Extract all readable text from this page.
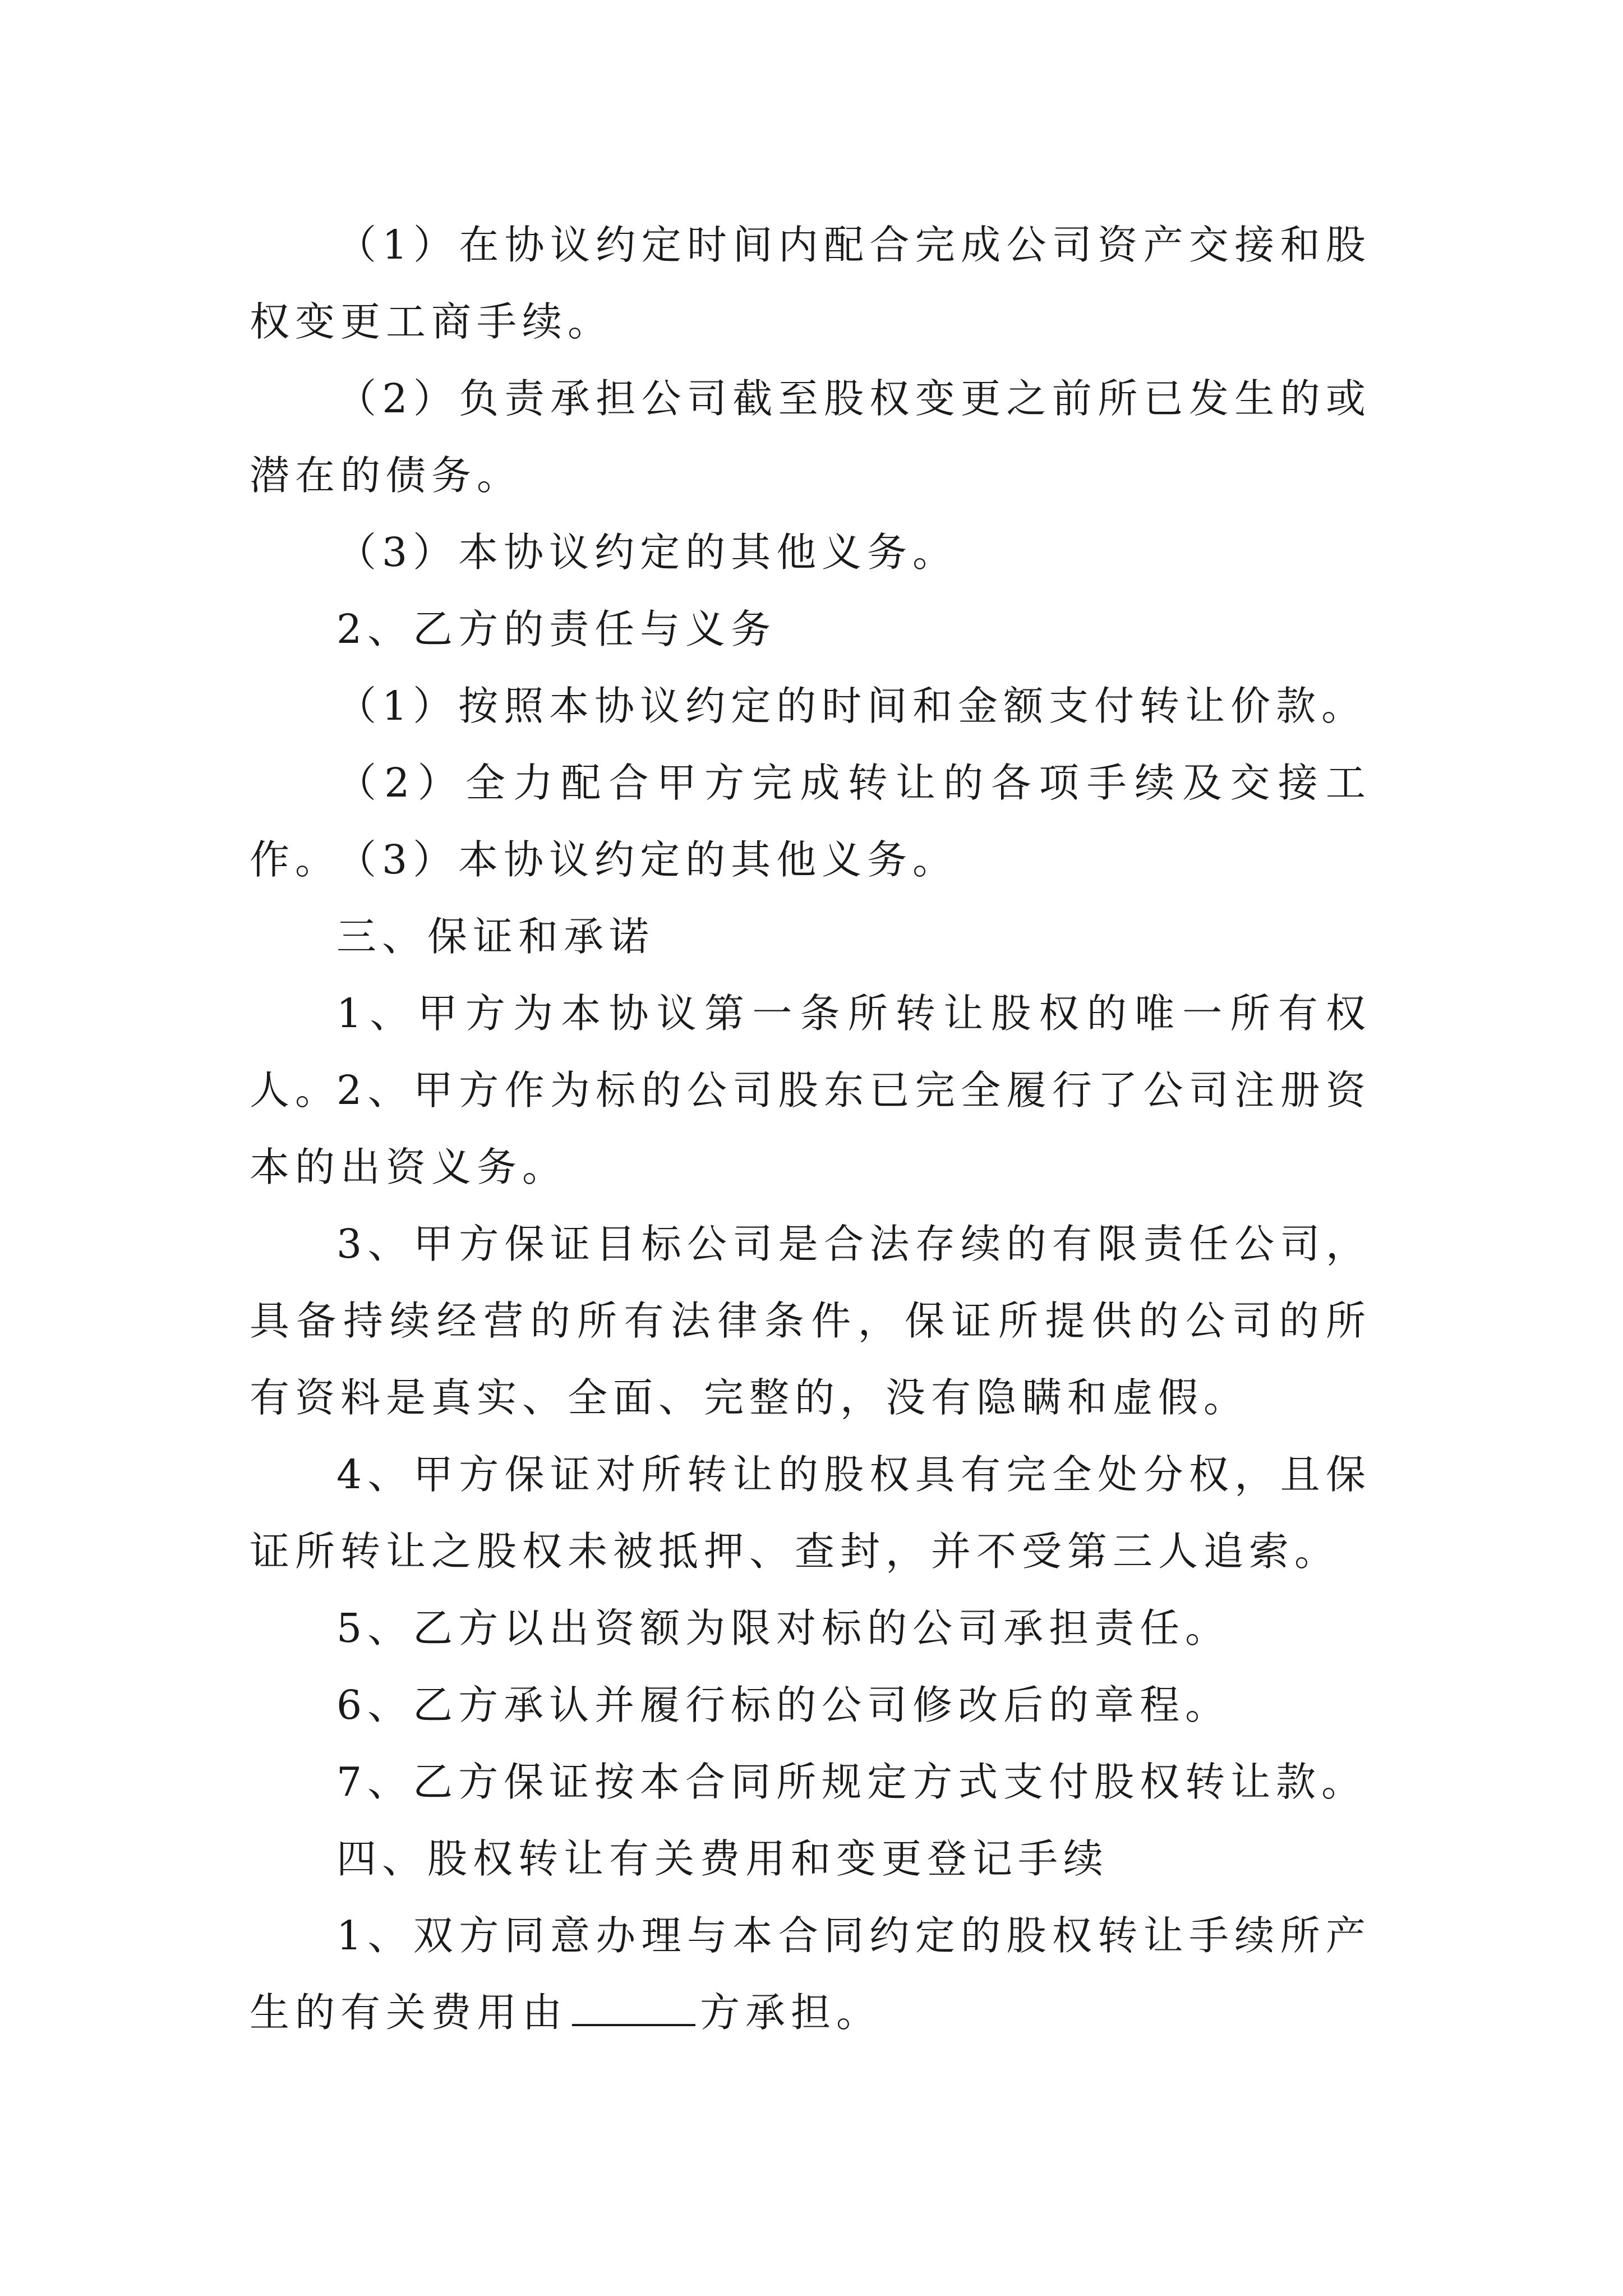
（1）在协议约定时间内配合完成公司资产交接和股权变更工商手续。
（2）负责承担公司截至股权变更之前所已发生的或潜在的债务。
（3）本协议约定的其他义务。
2、乙方的责任与义务
（1）按照本协议约定的时间和金额支付转让价款。
（2）全力配合甲方完成转让的各项手续及交接工作。
（3）本协议约定的其他义务。
三、保证和承诺
1、甲方为本协议第一条所转让股权的唯一所有权人。
2、甲方作为标的公司股东已完全履行了公司注册资本的出资义务。
3、甲方保证目标公司是合法存续的有限责任公司，具备持续经营的所有法律条件，保证所提供的公司的所有资料是真实、全面、完整的，没有隐瞒和虚假。
4、甲方保证对所转让的股权具有完全处分权，且保证所转让之股权未被抵押、查封，并不受第三人追索。
5、乙方以出资额为限对标的公司承担责任。
6、乙方承认并履行标的公司修改后的章程。
7、乙方保证按本合同所规定方式支付股权转让款。
四、股权转让有关费用和变更登记手续
1、双方同意办理与本合同约定的股权转让手续所产生的有关费用由	方承担。
